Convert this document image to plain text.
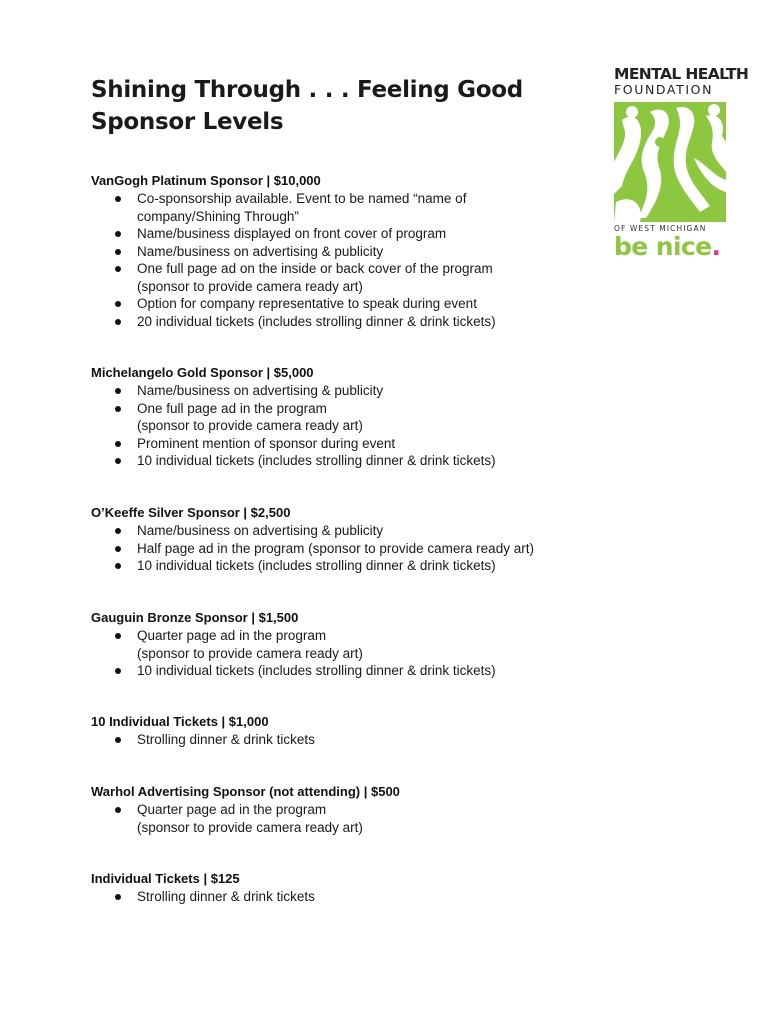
Shining Through . . . Feeling Good
Sponsor Levels
MENTAL HEALTH
FOUNDATION
OF WEST MICHIGAN
be nice.
VanGogh Platinum Sponsor | $10,000
Co-sponsorship available. Event to be named “name of
company/Shining Through”
Name/business displayed on front cover of program
Name/business on advertising & publicity
One full page ad on the inside or back cover of the program
(sponsor to provide camera ready art)
Option for company representative to speak during event
20 individual tickets (includes strolling dinner & drink tickets)
Michelangelo Gold Sponsor | $5,000
Name/business on advertising & publicity
One full page ad in the program
(sponsor to provide camera ready art)
Prominent mention of sponsor during event
10 individual tickets (includes strolling dinner & drink tickets)
O’Keeffe Silver Sponsor | $2,500
Name/business on advertising & publicity
Half page ad in the program (sponsor to provide camera ready art)
10 individual tickets (includes strolling dinner & drink tickets)
Gauguin Bronze Sponsor | $1,500
Quarter page ad in the program
(sponsor to provide camera ready art)
10 individual tickets (includes strolling dinner & drink tickets)
10 Individual Tickets | $1,000
Strolling dinner & drink tickets
Warhol Advertising Sponsor (not attending) | $500
Quarter page ad in the program
(sponsor to provide camera ready art)
Individual Tickets | $125
Strolling dinner & drink tickets
